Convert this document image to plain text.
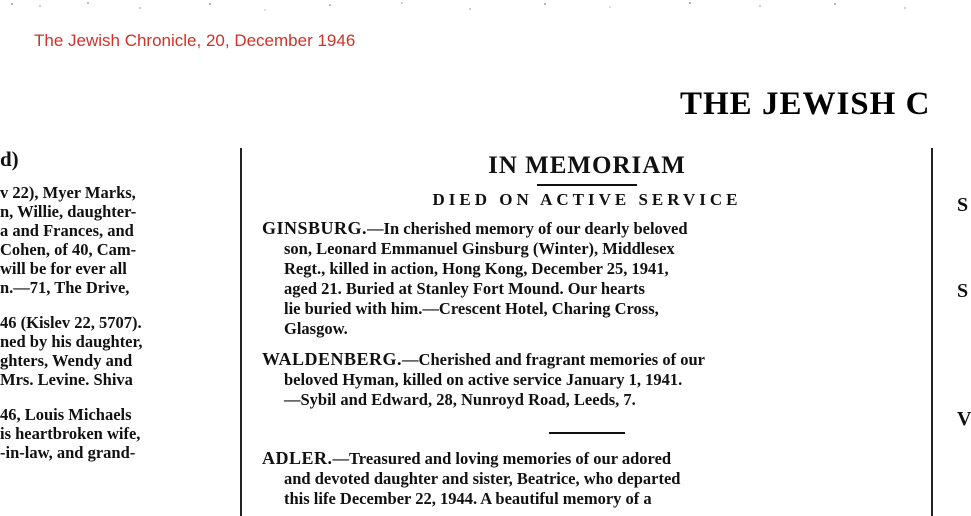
The Jewish Chronicle, 20, December 1946
THE JEWISH C
d)

v 22), Myer Marks,
n, Willie, daughter-
a and Frances, and
Cohen, of 40, Cam-
will be for ever all
n.—71, The Drive,

46 (Kislev 22, 5707).
ned by his daughter,
ghters, Wendy and
Mrs. Levine. Shiva

46, Louis Michaels
is heartbroken wife,
-in-law, and grand-

S
S
V
IN MEMORIAM
DIED ON ACTIVE SERVICE
GINSBURG.—In cherished memory of our dearly beloved
son, Leonard Emmanuel Ginsburg (Winter), Middlesex
Regt., killed in action, Hong Kong, December 25, 1941,
aged 21. Buried at Stanley Fort Mound. Our hearts
lie buried with him.—Crescent Hotel, Charing Cross,
Glasgow.
WALDENBERG.—Cherished and fragrant memories of our
beloved Hyman, killed on active service January 1, 1941.
—Sybil and Edward, 28, Nunroyd Road, Leeds, 7.
ADLER.—Treasured and loving memories of our adored
and devoted daughter and sister, Beatrice, who departed
this life December 22, 1944. A beautiful memory of a
